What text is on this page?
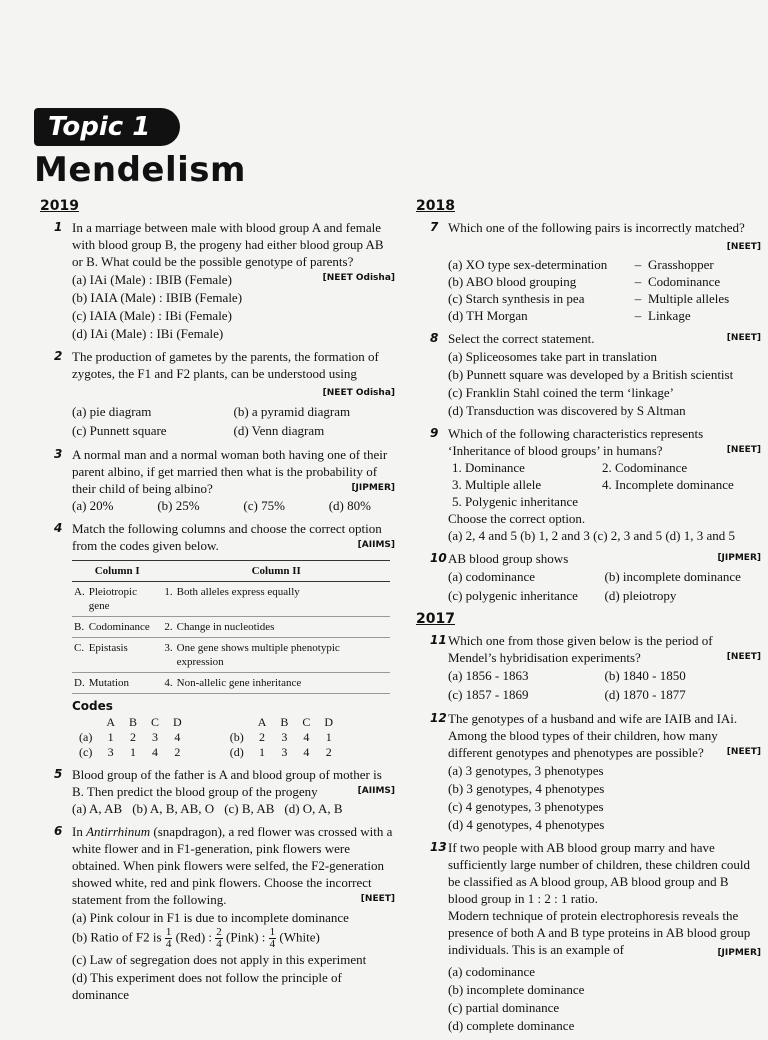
Topic 1
Mendelism
2019
1 In a marriage between male with blood group A and female with blood group B, the progeny had either blood group AB or B. What could be the possible genotype of parents?
[NEET Odisha]
(a) IAi (Male) : IBIB (Female)
(b) IAIA (Male) : IBIB (Female)
(c) IAIA (Male) : IBi (Female)
(d) IAi (Male) : IBi (Female)
2 The production of gametes by the parents, the formation of zygotes, the F1 and F2 plants, can be understood using
[NEET Odisha]
(a) pie diagram	(b) a pyramid diagram
(c) Punnett square	(d) Venn diagram
3 A normal man and a normal woman both having one of their parent albino, if get married then what is the probability of their child of being albino?	[JIPMER]
(a) 20%	(b) 25%	(c) 75%	(d) 80%
4 Match the following columns and choose the correct option from the codes given below.	[AIIMS]
Column I		Column II	
A.	Pleiotropic gene	1.	Both alleles express equally
B.	Codominance	2.	Change in nucleotides
C.	Epistasis	3.	One gene shows multiple phenotypic expression
D.	Mutation	4.	Non-allelic gene inheritance
Codes
	A	B	C	D			A	B	C	D
(a)	1	2	3	4		(b)	2	3	4	1
(c)	3	1	4	2		(d)	1	3	4	2
5 Blood group of the father is A and blood group of mother is B. Then predict the blood group of the progeny	[AIIMS]
(a) A, AB (b) A, B, AB, O (c) B, AB (d) O, A, B
6 In Antirrhinum (snapdragon), a red flower was crossed with a white flower and in F1-generation, pink flowers were obtained. When pink flowers were selfed, the F2-generation showed white, red and pink flowers. Choose the incorrect statement from the following.	[NEET]
(a) Pink colour in F1 is due to incomplete dominance
(b) Ratio of F2 is $\frac{1}{4} (Red)$ : $\frac{2}{4}$ (Pink) : $\frac{1}{4}$ (White)
(c) Law of segregation does not apply in this experiment
(d) This experiment does not follow the principle of dominance
2018
7 Which one of the following pairs is incorrectly matched?
[NEET]
(a) XO type sex-determination	– Grasshopper
(b) ABO blood grouping	– Codominance
(c) Starch synthesis in pea	– Multiple alleles
(d) TH Morgan	– Linkage
8 Select the correct statement.	[NEET]
(a) Spliceosomes take part in translation
(b) Punnett square was developed by a British scientist
(c) Franklin Stahl coined the term ‘linkage’
(d) Transduction was discovered by S Altman
9 Which of the following characteristics represents ‘Inheritance of blood groups’ in humans?	[NEET]
1. Dominance	2. Codominance
3. Multiple allele	4. Incomplete dominance
5. Polygenic inheritance
Choose the correct option.
(a) 2, 4 and 5 (b) 1, 2 and 3 (c) 2, 3 and 5 (d) 1, 3 and 5
10 AB blood group shows	[JIPMER]
(a) codominance	(b) incomplete dominance
(c) polygenic inheritance	(d) pleiotropy
2017
11 Which one from those given below is the period of Mendel’s hybridisation experiments?	[NEET]
(a) 1856 - 1863	(b) 1840 - 1850
(c) 1857 - 1869	(d) 1870 - 1877
12 The genotypes of a husband and wife are IAIB and IAi. Among the blood types of their children, how many different genotypes and phenotypes are possible?	[NEET]
(a) 3 genotypes, 3 phenotypes
(b) 3 genotypes, 4 phenotypes
(c) 4 genotypes, 3 phenotypes
(d) 4 genotypes, 4 phenotypes
13 If two people with AB blood group marry and have sufficiently large number of children, these children could be classified as A blood group, AB blood group and B blood group in 1 : 2 : 1 ratio.
Modern technique of protein electrophoresis reveals the presence of both A and B type proteins in AB blood group individuals. This is an example of	[JIPMER]
(a) codominance
(b) incomplete dominance
(c) partial dominance
(d) complete dominance
